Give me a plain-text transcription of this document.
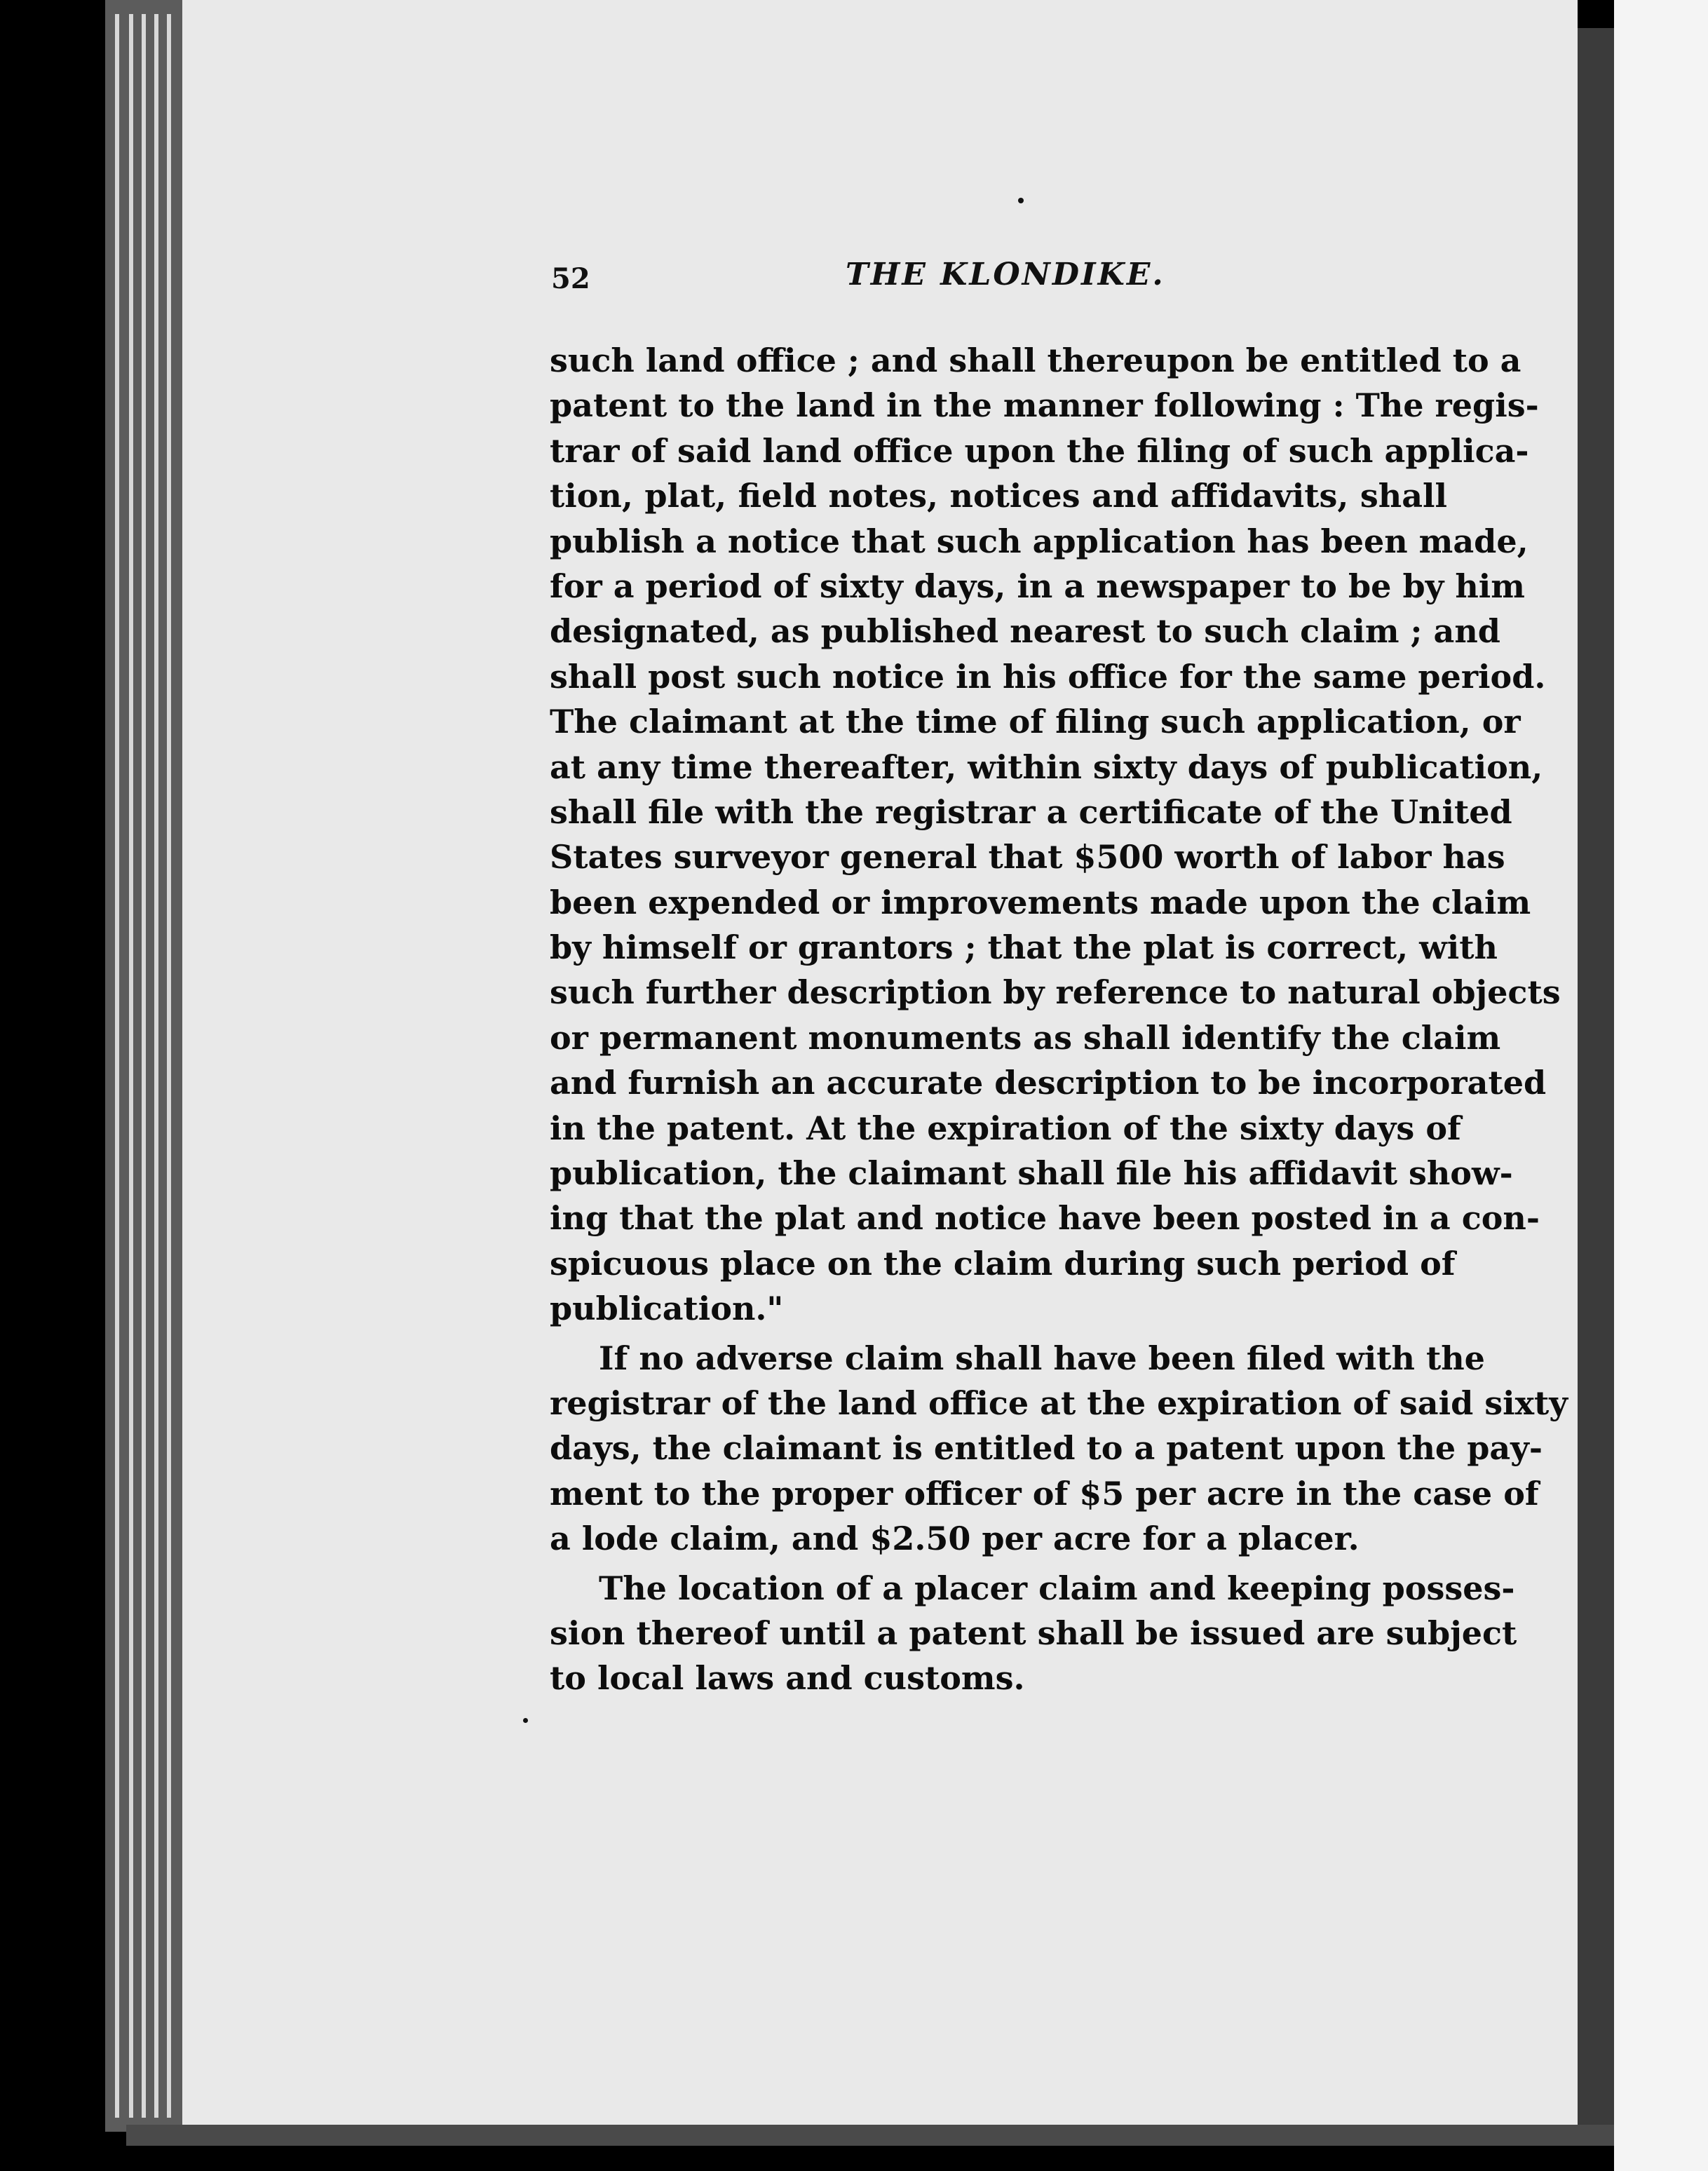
52	THE KLONDIKE.
such land office ; and shall thereupon be entitled to a
patent to the land in the manner following : The regis-
trar of said land office upon the filing of such applica-
tion, plat, field notes, notices and affidavits, shall
publish a notice that such application has been made,
for a period of sixty days, in a newspaper to be by him
designated, as published nearest to such claim ; and
shall post such notice in his office for the same period.
The claimant at the time of filing such application, or
at any time thereafter, within sixty days of publication,
shall file with the registrar a certificate of the United
States surveyor general that $500 worth of labor has
been expended or improvements made upon the claim
by himself or grantors ; that the plat is correct, with
such further description by reference to natural objects
or permanent monuments as shall identify the claim
and furnish an accurate description to be incorporated
in the patent. At the expiration of the sixty days of
publication, the claimant shall file his affidavit show-
ing that the plat and notice have been posted in a con-
spicuous place on the claim during such period of
publication."
If no adverse claim shall have been filed with the
registrar of the land office at the expiration of said sixty
days, the claimant is entitled to a patent upon the pay-
ment to the proper officer of $5 per acre in the case of
a lode claim, and $2.50 per acre for a placer.
The location of a placer claim and keeping posses-
sion thereof until a patent shall be issued are subject
to local laws and customs.
